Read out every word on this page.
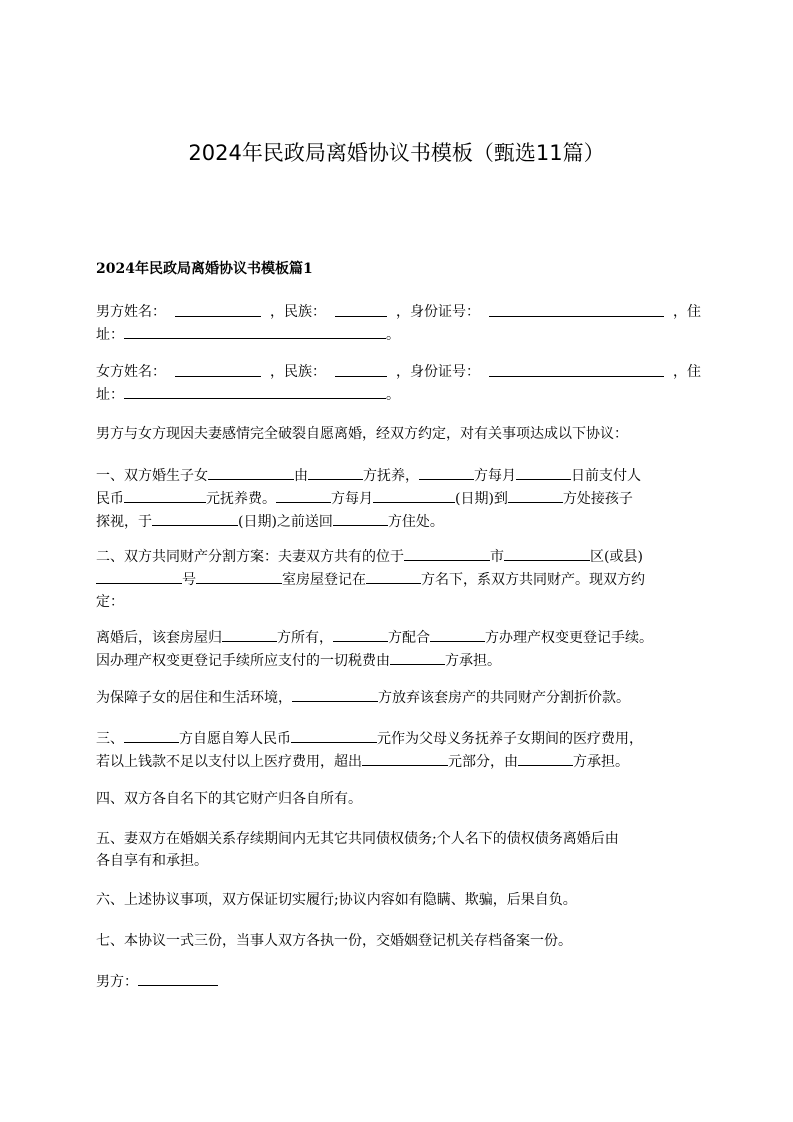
2024年民政局离婚协议书模板（甄选11篇）
2024年民政局离婚协议书模板篇1
男方姓名：	，民族：	，身份证号：	，住
址：	。
女方姓名：	，民族：	，身份证号：	，住
址：	。
男方与女方现因夫妻感情完全破裂自愿离婚，经双方约定，对有关事项达成以下协议：
一、双方婚生子女	由	方抚养，	方每月	日前支付人
民币	元抚养费。	方每月	(日期)到	方处接孩子
探视，于	(日期)之前送回	方住处。
二、双方共同财产分割方案：夫妻双方共有的位于	市	区(或县)
号	室房屋登记在	方名下，系双方共同财产。现双方约
定：
离婚后，该套房屋归	方所有，	方配合	方办理产权变更登记手续。
因办理产权变更登记手续所应支付的一切税费由	方承担。
为保障子女的居住和生活环境，	方放弃该套房产的共同财产分割折价款。
三、	方自愿自筹人民币	元作为父母义务抚养子女期间的医疗费用，
若以上钱款不足以支付以上医疗费用，超出	元部分，由	方承担。
四、双方各自名下的其它财产归各自所有。
五、妻双方在婚姻关系存续期间内无其它共同债权债务;个人名下的债权债务离婚后由
各自享有和承担。
六、上述协议事项，双方保证切实履行;协议内容如有隐瞒、欺骗，后果自负。
七、本协议一式三份，当事人双方各执一份，交婚姻登记机关存档备案一份。
男方：
